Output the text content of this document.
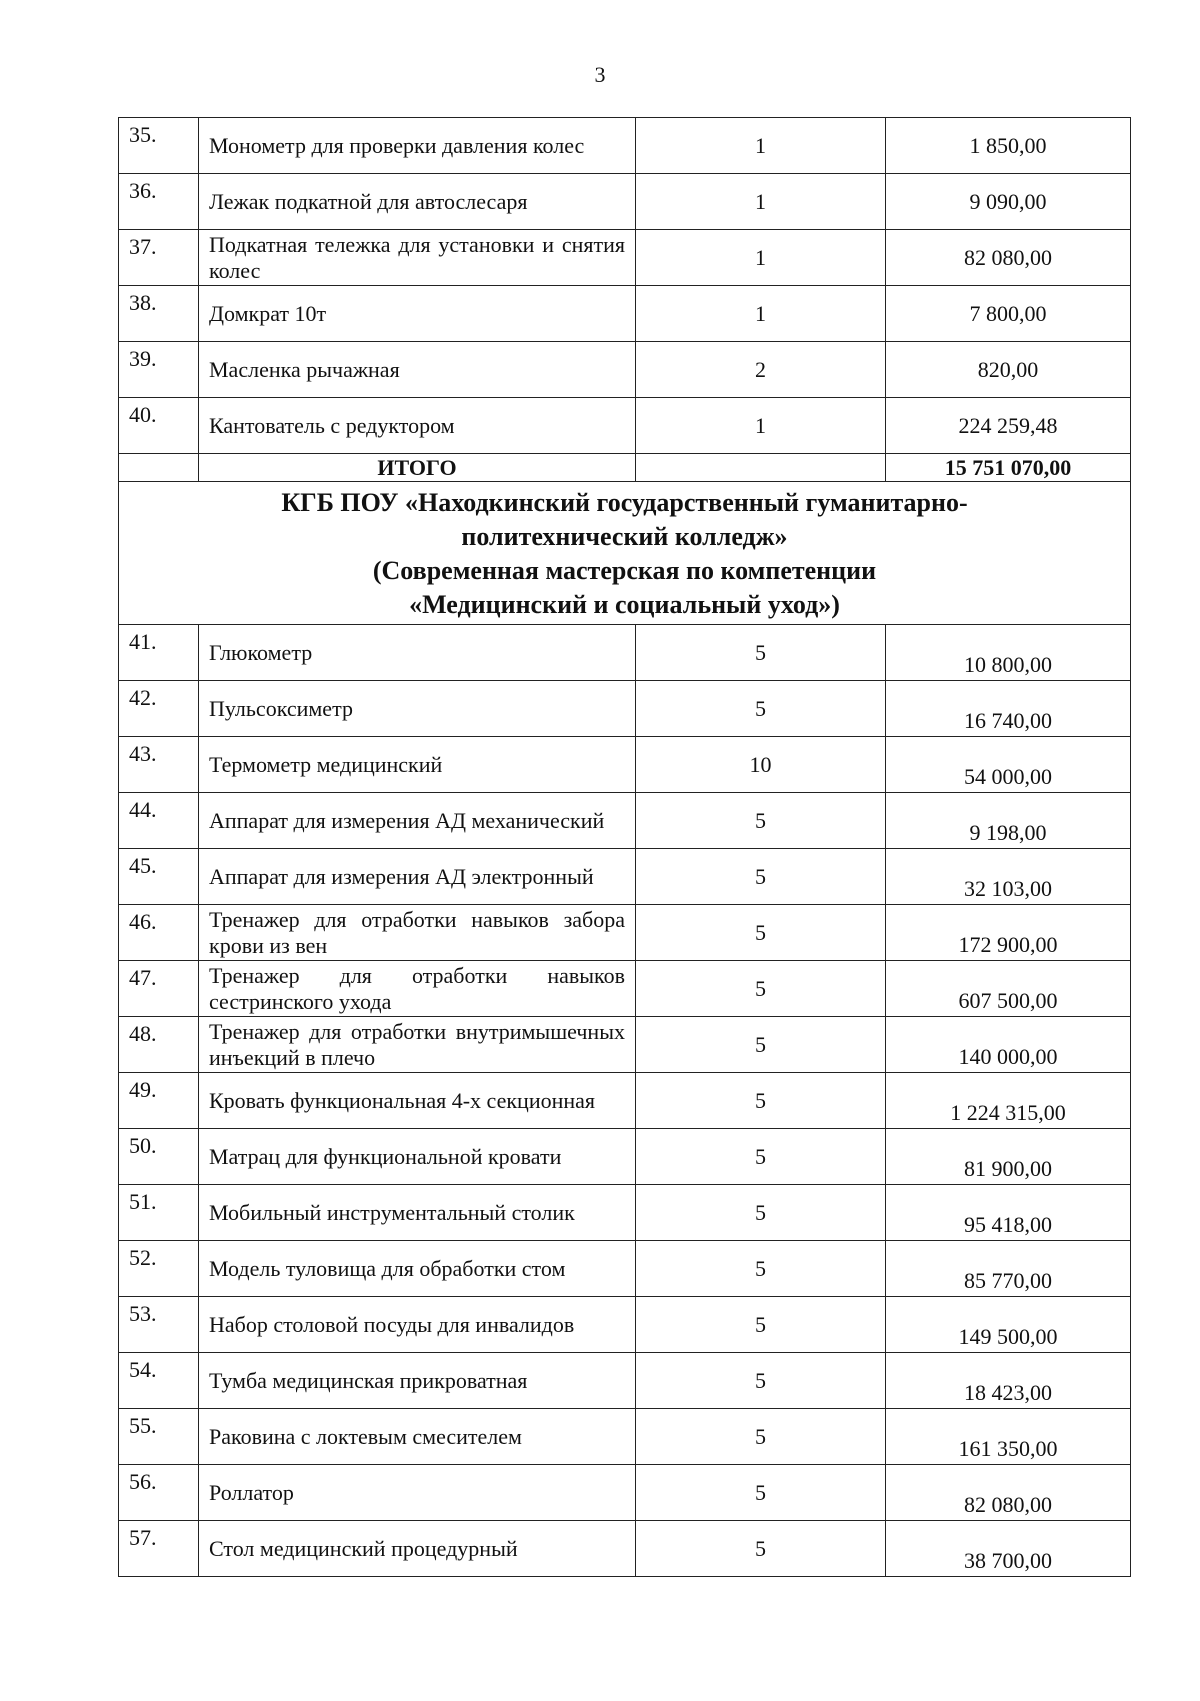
3
35.	Монометр для проверки давления колес	1	1 850,00
36.	Лежак подкатной для автослесаря	1	9 090,00
37.	Подкатная тележка для установки и снятия колес	1	82 080,00
38.	Домкрат 10т	1	7 800,00
39.	Масленка рычажная	2	820,00
40.	Кантователь с редуктором	1	224 259,48
	ИТОГО		15 751 070,00

КГБ ПОУ «Находкинский государственный гуманитарно-
политехнический колледж»
(Современная мастерская по компетенции
«Медицинский и социальный уход»)			

41.	Глюкометр	5	10 800,00
42.	Пульсоксиметр	5	16 740,00
43.	Термометр медицинский	10	54 000,00
44.	Аппарат для измерения АД механический	5	9 198,00
45.	Аппарат для измерения АД электронный	5	32 103,00
46.	Тренажер для отработки навыков забора крови из вен	5	172 900,00
47.	Тренажер для отработки навыков сестринского ухода	5	607 500,00
48.	Тренажер для отработки внутримышечных инъекций в плечо	5	140 000,00
49.	Кровать функциональная 4-х секционная	5	1 224 315,00
50.	Матрац для функциональной кровати	5	81 900,00
51.	Мобильный инструментальный столик	5	95 418,00
52.	Модель туловища для обработки стом	5	85 770,00
53.	Набор столовой посуды для инвалидов	5	149 500,00
54.	Тумба медицинская прикроватная	5	18 423,00
55.	Раковина с локтевым смесителем	5	161 350,00
56.	Роллатор	5	82 080,00
57.	Стол медицинский процедурный	5	38 700,00
